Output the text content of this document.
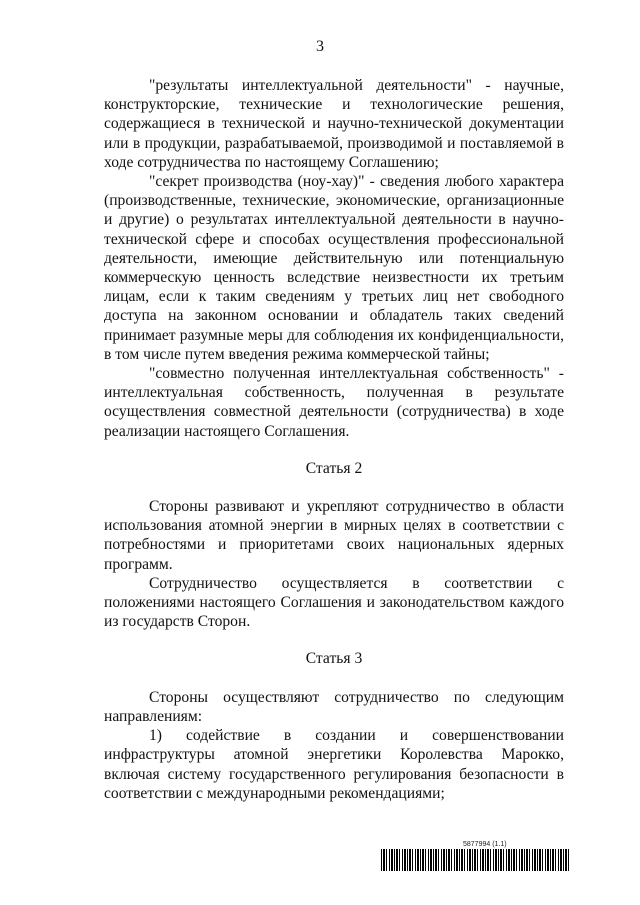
3

"результаты интеллектуальной деятельности" - научные, конструкторские, технические и технологические решения, содержащиеся в технической и научно-технической документации или в продукции, разрабатываемой, производимой и поставляемой в ходе сотрудничества по настоящему Соглашению;

"секрет производства (ноу-хау)" - сведения любого характера (производственные, технические, экономические, организационные и другие) о результатах интеллектуальной деятельности в научно-технической сфере и способах осуществления профессиональной деятельности, имеющие действительную или потенциальную коммерческую ценность вследствие неизвестности их третьим лицам, если к таким сведениям у третьих лиц нет свободного доступа на законном основании и обладатель таких сведений принимает разумные меры для соблюдения их конфиденциальности, в том числе путем введения режима коммерческой тайны;

"совместно полученная интеллектуальная собственность" - интеллектуальная собственность, полученная в результате осуществления совместной деятельности (сотрудничества) в ходе реализации настоящего Соглашения.

Статья 2

Стороны развивают и укрепляют сотрудничество в области использования атомной энергии в мирных целях в соответствии с потребностями и приоритетами своих национальных ядерных программ.

Сотрудничество осуществляется в соответствии с положениями настоящего Соглашения и законодательством каждого из государств Сторон.

Статья 3

Стороны осуществляют сотрудничество по следующим направлениям:

1) содействие в создании и совершенствовании инфраструктуры атомной энергетики Королевства Марокко, включая систему государственного регулирования безопасности в соответствии с международными рекомендациями;

5877994 (1.1)
